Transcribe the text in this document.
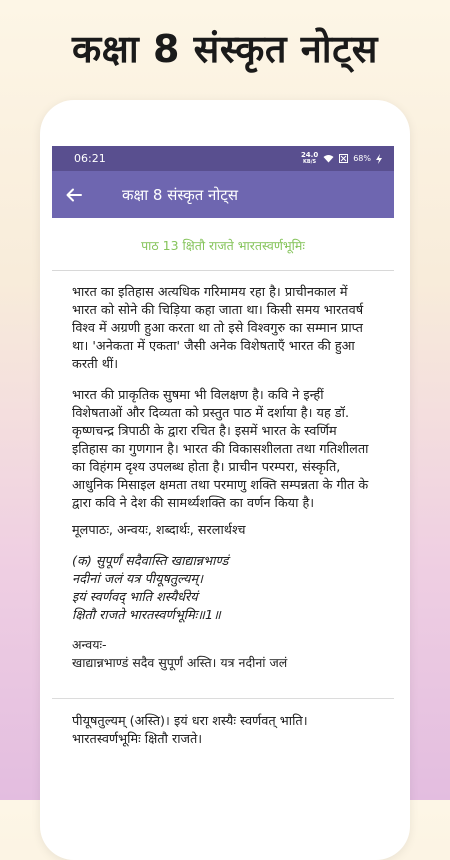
कक्षा 8 संस्कृत नोट्स
06:21	24.0
KB/S	68%
कक्षा 8 संस्कृत नोट्स
पाठ 13 क्षितौ राजते भारतस्वर्णभूमिः

भारत का इतिहास अत्यधिक गरिमामय रहा है। प्राचीनकाल में भारत को सोने की चिड़िया कहा जाता था। किसी समय भारतवर्ष विश्व में अग्रणी हुआ करता था तो इसे विश्वगुरु का सम्मान प्राप्त था। 'अनेकता में एकता' जैसी अनेक विशेषताएँ भारत की हुआ करती थीं।

भारत की प्राकृतिक सुषमा भी विलक्षण है। कवि ने इन्हीं विशेषताओं और दिव्यता को प्रस्तुत पाठ में दर्शाया है। यह डॉ. कृष्णचन्द्र त्रिपाठी के द्वारा रचित है। इसमें भारत के स्वर्णिम इतिहास का गुणगान है। भारत की विकासशीलता तथा गतिशीलता का विहंगम दृश्य उपलब्ध होता है। प्राचीन परम्परा, संस्कृति, आधुनिक मिसाइल क्षमता तथा परमाणु शक्ति सम्पन्नता के गीत के द्वारा कवि ने देश की सामर्थ्यशक्ति का वर्णन किया है।

मूलपाठः, अन्वयः, शब्दार्थः, सरलार्थश्च

(क) सुपूर्णं सदैवास्ति खाद्यान्नभाण्डं
नदीनां जलं यत्र पीयूषतुल्यम्।
इयं स्वर्णवद् भाति शस्यैर्धरेयं
क्षितौ राजते भारतस्वर्णभूमिः॥1॥
अन्वयः-
खाद्यान्नभाण्डं सदैव सुपूर्णं अस्ति। यत्र नदीनां जलं
पीयूषतुल्यम् (अस्ति)। इयं धरा शस्यैः स्वर्णवत् भाति।
भारतस्वर्णभूमिः क्षितौ राजते।
